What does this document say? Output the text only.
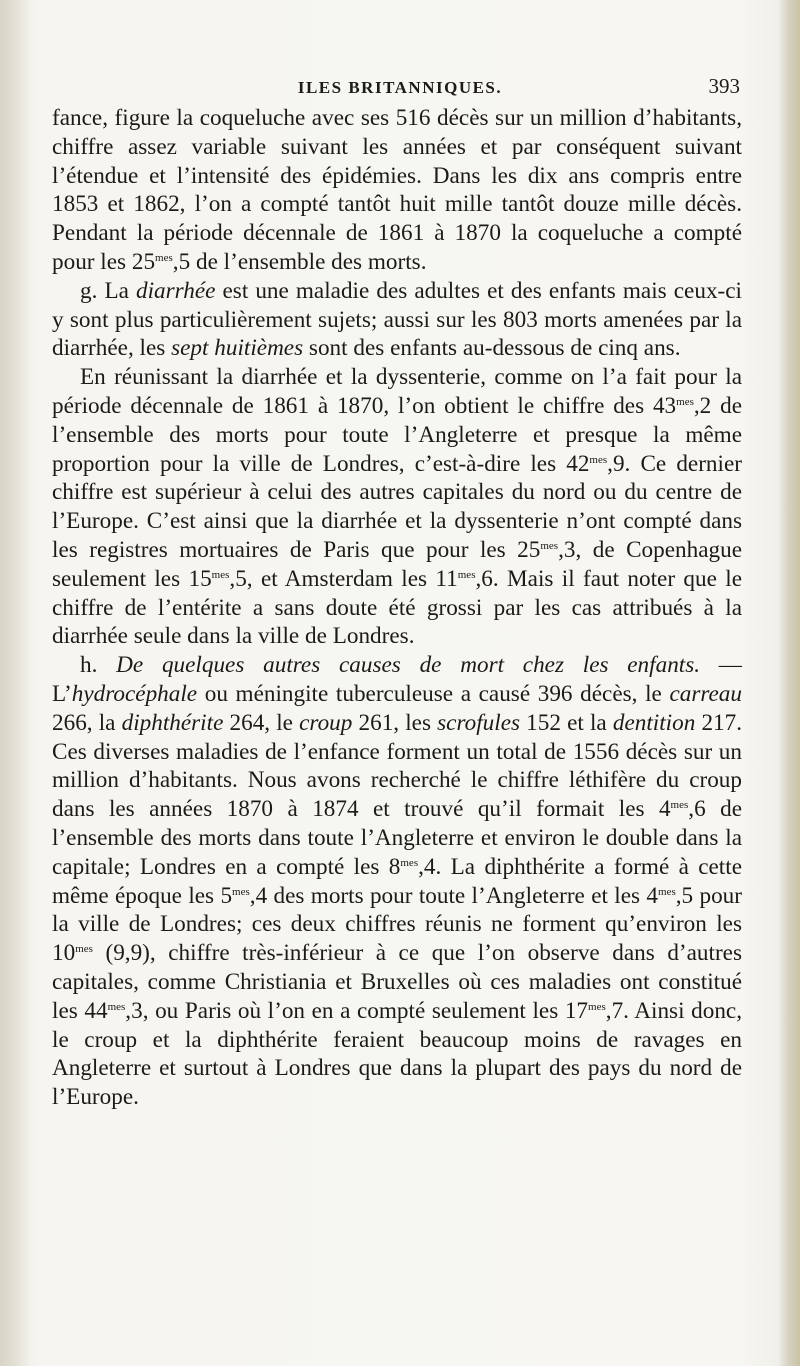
ILES BRITANNIQUES.	393

fance, figure la coqueluche avec ses 516 décès sur un million d’habitants, chiffre assez variable suivant les années et par conséquent suivant l’étendue et l’intensité des épidémies. Dans les dix ans compris entre 1853 et 1862, l’on a compté tantôt huit mille tantôt douze mille décès. Pendant la période décennale de 1861 à 1870 la coqueluche a compté pour les $25^{mes},5$ de l’ensemble des morts.

g. La diarrhée est une maladie des adultes et des enfants mais ceux-ci y sont plus particulièrement sujets; aussi sur les 803 morts amenées par la diarrhée, les sept huitièmes sont des enfants au-dessous de cinq ans.

En réunissant la diarrhée et la dyssenterie, comme on l’a fait pour la période décennale de 1861 à 1870, l’on obtient le chiffre des $43^{mes},2$ de l’ensemble des morts pour toute l’Angleterre et presque la même proportion pour la ville de Londres, c’est-à-dire les $42^{mes},9$. Ce dernier chiffre est supérieur à celui des autres capitales du nord ou du centre de l’Europe. C’est ainsi que la diarrhée et la dyssenterie n’ont compté dans les registres mortuaires de Paris que pour les $25^{mes},3$, de Copenhague seulement les $15^{mes},5$, et Amsterdam les $11^{mes},6$. Mais il faut noter que le chiffre de l’entérite a sans doute été grossi par les cas attribués à la diarrhée seule dans la ville de Londres.

h. De quelques autres causes de mort chez les enfants. — L’hydrocéphale ou méningite tuberculeuse a causé 396 décès, le carreau 266, la diphthérite 264, le croup 261, les scrofules 152 et la dentition 217. Ces diverses maladies de l’enfance forment un total de 1556 décès sur un million d’habitants. Nous avons recherché le chiffre léthifère du croup dans les années 1870 à 1874 et trouvé qu’il formait les $4^{mes},6$ de l’ensemble des morts dans toute l’Angleterre et environ le double dans la capitale; Londres en a compté les $8^{mes},4$. La diphthérite a formé à cette même époque les $5^{mes},4$ des morts pour toute l’Angleterre et les $4^{mes},5$ pour la ville de Londres; ces deux chiffres réunis ne forment qu’environ les $10^{mes}$ (9,9), chiffre très-inférieur à ce que l’on observe dans d’autres capitales, comme Christiania et Bruxelles où ces maladies ont constitué les $44^{mes},3$, ou Paris où l’on en a compté seulement les $17^{mes},7$. Ainsi donc, le croup et la diphthérite feraient beaucoup moins de ravages en Angleterre et surtout à Londres que dans la plupart des pays du nord de l’Europe.
